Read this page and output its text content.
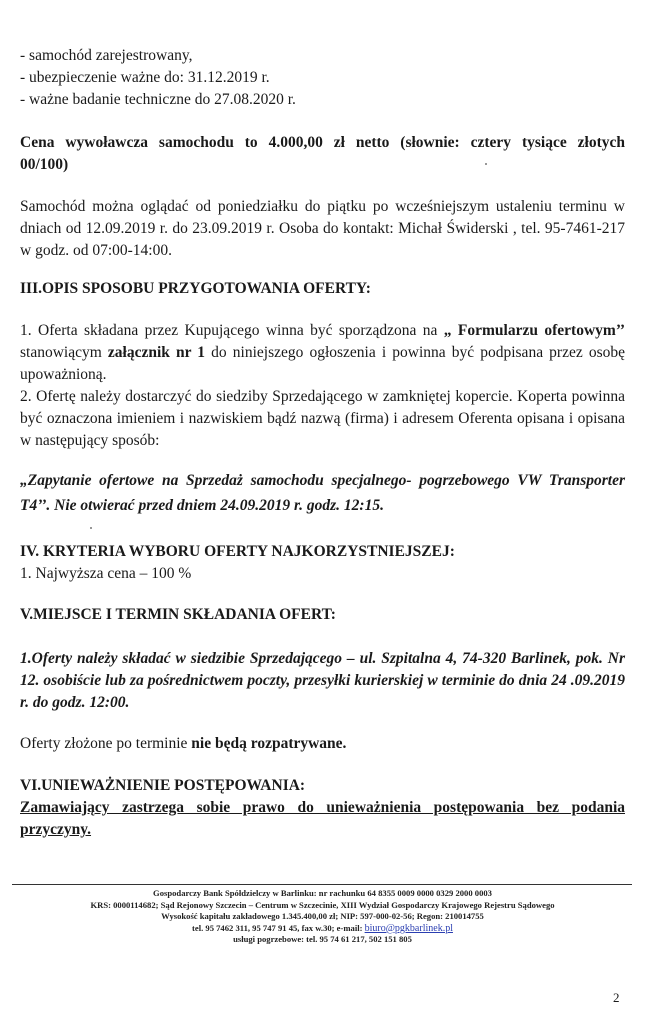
- samochód zarejestrowany,
- ubezpieczenie ważne do: 31.12.2019 r.
- ważne badanie techniczne do 27.08.2020 r.
Cena wywoławcza samochodu to 4.000,00 zł netto (słownie: cztery tysiące złotych
00/100)
Samochód można oglądać od poniedziałku do piątku po wcześniejszym ustaleniu terminu w dniach od 12.09.2019 r. do 23.09.2019 r. Osoba do kontakt: Michał Świderski , tel. 95-7461-217 w godz. od 07:00-14:00.
III.OPIS SPOSOBU PRZYGOTOWANIA OFERTY:
1. Oferta składana przez Kupującego winna być sporządzona na „ Formularzu ofertowym’’ stanowiącym załącznik nr 1 do niniejszego ogłoszenia i powinna być podpisana przez osobę upoważnioną.
2. Ofertę należy dostarczyć do siedziby Sprzedającego w zamkniętej kopercie. Koperta powinna być oznaczona imieniem i nazwiskiem bądź nazwą (firma) i adresem Oferenta opisana i opisana w następujący sposób:
„Zapytanie ofertowe na Sprzedaż samochodu specjalnego- pogrzebowego VW Transporter
T4’’. Nie otwierać przed dniem 24.09.2019 r. godz. 12:15.
IV. KRYTERIA WYBORU OFERTY NAJKORZYSTNIEJSZEJ:
1. Najwyższa cena – 100 %
V.MIEJSCE I TERMIN SKŁADANIA OFERT:
1.Oferty należy składać w siedzibie Sprzedającego – ul. Szpitalna 4, 74-320 Barlinek, pok. Nr 12. osobiście lub za pośrednictwem poczty, przesyłki kurierskiej w terminie do dnia 24 .09.2019 r. do godz. 12:00.
Oferty złożone po terminie nie będą rozpatrywane.
VI.UNIEWAŻNIENIE POSTĘPOWANIA:
Zamawiający zastrzega sobie prawo do unieważnienia postępowania bez podania przyczyny.
Gospodarczy Bank Spółdzielczy w Barlinku: nr rachunku 64 8355 0009 0000 0329 2000 0003
KRS: 0000114682; Sąd Rejonowy Szczecin – Centrum w Szczecinie, XIII Wydział Gospodarczy Krajowego Rejestru Sądowego
Wysokość kapitału zakładowego 1.345.400,00 zł; NIP: 597-000-02-56; Regon: 210014755
tel. 95 7462 311, 95 747 91 45, fax w.30; e-mail: biuro@pgkbarlinek.pl
usługi pogrzebowe: tel. 95 74 61 217, 502 151 805
2
